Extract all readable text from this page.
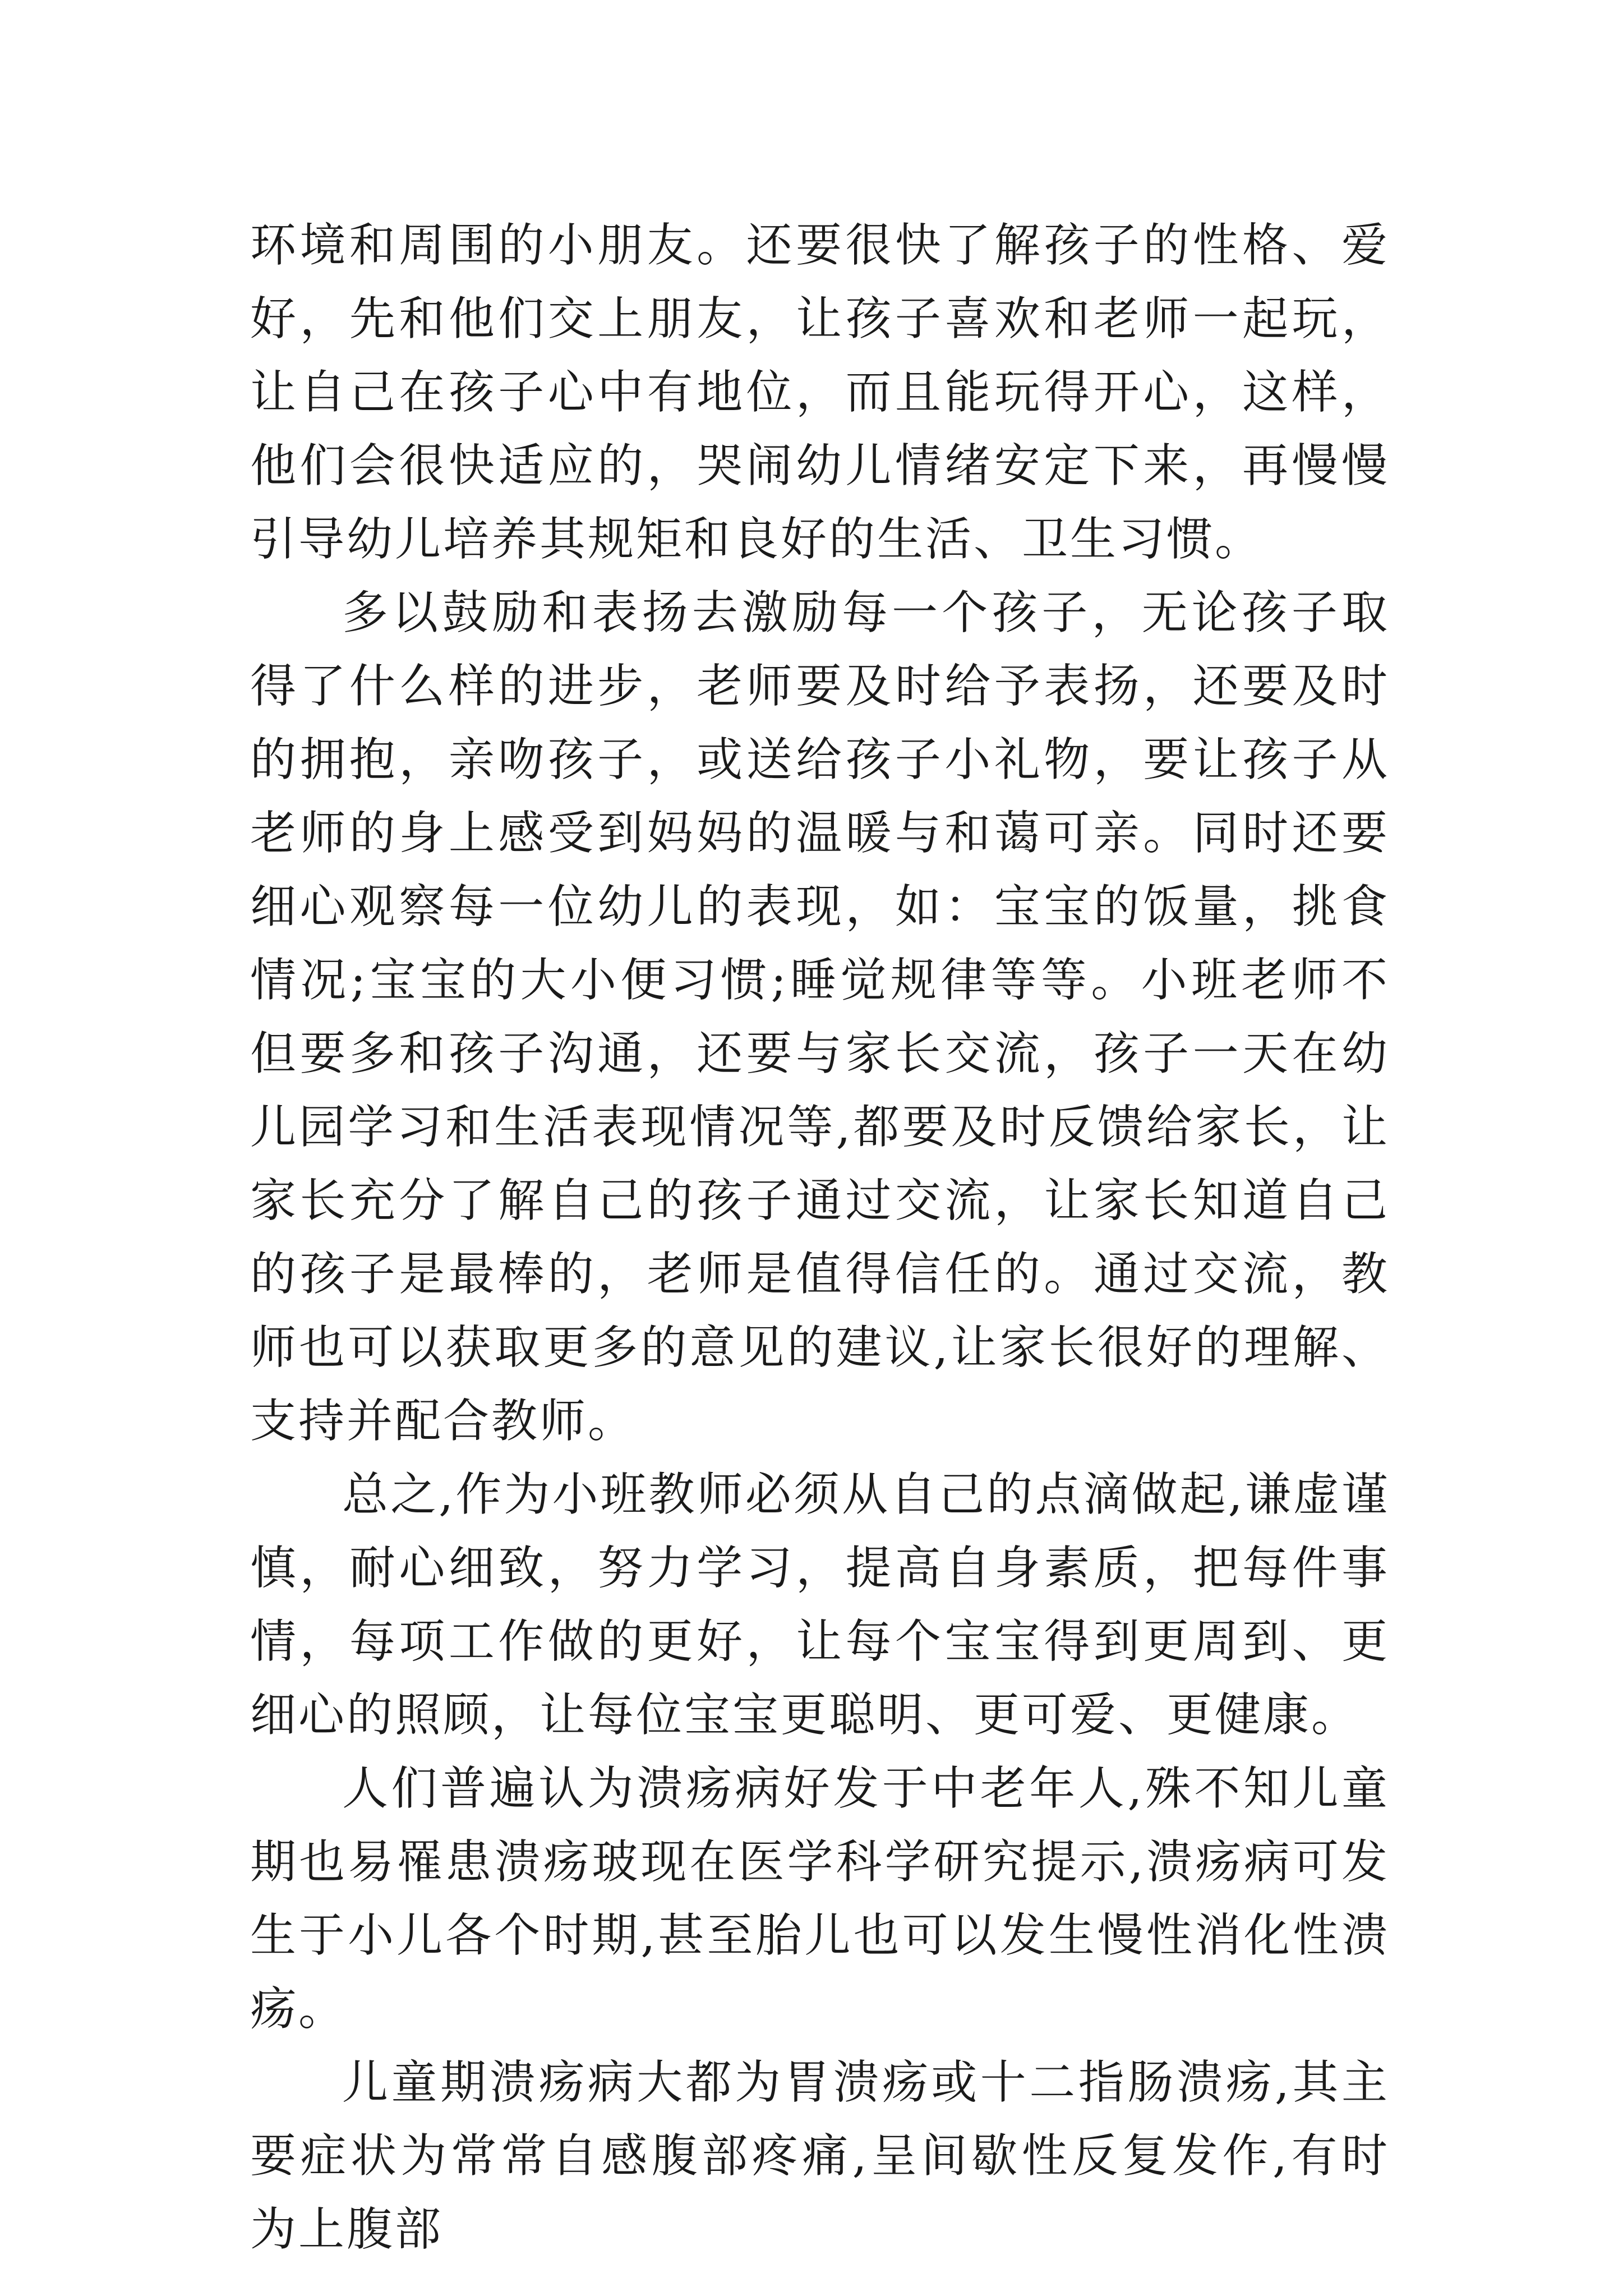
环境和周围的小朋友。还要很快了解孩子的性格、爱好，先和他们交上朋友，让孩子喜欢和老师一起玩，让自己在孩子心中有地位，而且能玩得开心，这样，他们会很快适应的，哭闹幼儿情绪安定下来，再慢慢引导幼儿培养其规矩和良好的生活、卫生习惯。

多以鼓励和表扬去激励每一个孩子，无论孩子取得了什么样的进步，老师要及时给予表扬，还要及时的拥抱，亲吻孩子，或送给孩子小礼物，要让孩子从老师的身上感受到妈妈的温暖与和蔼可亲。同时还要细心观察每一位幼儿的表现，如：宝宝的饭量，挑食情况;宝宝的大小便习惯;睡觉规律等等。小班老师不但要多和孩子沟通，还要与家长交流，孩子一天在幼儿园学习和生活表现情况等,都要及时反馈给家长，让家长充分了解自己的孩子通过交流，让家长知道自己的孩子是最棒的，老师是值得信任的。通过交流，教师也可以获取更多的意见的建议,让家长很好的理解、支持并配合教师。

总之,作为小班教师必须从自己的点滴做起,谦虚谨慎，耐心细致，努力学习，提高自身素质，把每件事情，每项工作做的更好，让每个宝宝得到更周到、更细心的照顾，让每位宝宝更聪明、更可爱、更健康。

人们普遍认为溃疡病好发于中老年人,殊不知儿童期也易罹患溃疡玻现在医学科学研究提示,溃疡病可发生于小儿各个时期,甚至胎儿也可以发生慢性消化性溃疡。

儿童期溃疡病大都为胃溃疡或十二指肠溃疡,其主要症状为常常自感腹部疼痛,呈间歇性反复发作,有时为上腹部
